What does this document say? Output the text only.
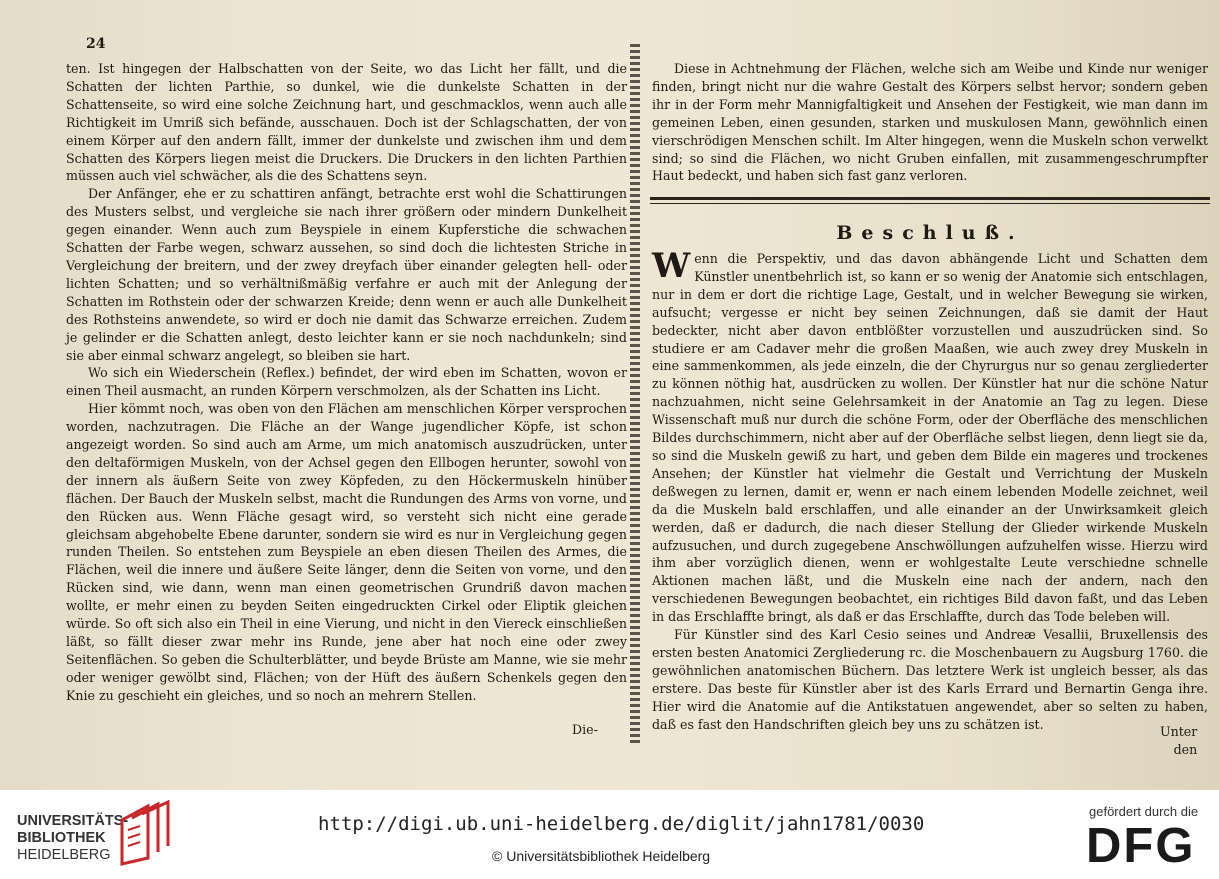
24

ten. Ist hingegen der Halbschatten von der Seite, wo das Licht her fällt, und die Schatten der lichten Parthie, so dunkel, wie die dunkelste Schatten in der Schattenseite, so wird eine solche Zeichnung hart, und geschmacklos, wenn auch alle Richtigkeit im Umriß sich befände, ausschauen. Doch ist der Schlagschatten, der von einem Körper auf den andern fällt, immer der dunkelste und zwischen ihm und dem Schatten des Körpers liegen meist die Druckers. Die Druckers in den lichten Parthien müssen auch viel schwächer, als die des Schattens seyn.

Der Anfänger, ehe er zu schattiren anfängt, betrachte erst wohl die Schattirungen des Musters selbst, und vergleiche sie nach ihrer größern oder mindern Dunkelheit gegen einander. Wenn auch zum Beyspiele in einem Kupferstiche die schwachen Schatten der Farbe wegen, schwarz aussehen, so sind doch die lichtesten Striche in Vergleichung der breitern, und der zwey dreyfach über einander gelegten hell- oder lichten Schatten; und so verhältnißmäßig verfahre er auch mit der Anlegung der Schatten im Rothstein oder der schwarzen Kreide; denn wenn er auch alle Dunkelheit des Rothsteins anwendete, so wird er doch nie damit das Schwarze erreichen. Zudem je gelinder er die Schatten anlegt, desto leichter kann er sie noch nachdunkeln; sind sie aber einmal schwarz angelegt, so bleiben sie hart.

Wo sich ein Wiederschein (Reflex.) befindet, der wird eben im Schatten, wovon er einen Theil ausmacht, an runden Körpern verschmolzen, als der Schatten ins Licht.

Hier kömmt noch, was oben von den Flächen am menschlichen Körper versprochen worden, nachzutragen. Die Fläche an der Wange jugendlicher Köpfe, ist schon angezeigt worden. So sind auch am Arme, um mich anatomisch auszudrücken, unter den deltaförmigen Muskeln, von der Achsel gegen den Ellbogen herunter, sowohl von der innern als äußern Seite von zwey Köpfeden, zu den Höckermuskeln hinüber flächen. Der Bauch der Muskeln selbst, macht die Rundungen des Arms von vorne, und den Rücken aus. Wenn Fläche gesagt wird, so versteht sich nicht eine gerade gleichsam abgehobelte Ebene darunter, sondern sie wird es nur in Vergleichung gegen runden Theilen. So entstehen zum Beyspiele an eben diesen Theilen des Armes, die Flächen, weil die innere und äußere Seite länger, denn die Seiten von vorne, und den Rücken sind, wie dann, wenn man einen geometrischen Grundriß davon machen wollte, er mehr einen zu beyden Seiten eingedruckten Cirkel oder Eliptik gleichen würde. So oft sich also ein Theil in eine Vierung, und nicht in den Viereck einschließen läßt, so fällt dieser zwar mehr ins Runde, jene aber hat noch eine oder zwey Seitenflächen. So geben die Schulterblätter, und beyde Brüste am Manne, wie sie mehr oder weniger gewölbt sind, Flächen; von der Hüft des äußern Schenkels gegen den Knie zu geschieht ein gleiches, und so noch an mehrern Stellen.

Die-

Diese in Achtnehmung der Flächen, welche sich am Weibe und Kinde nur weniger finden, bringt nicht nur die wahre Gestalt des Körpers selbst hervor; sondern geben ihr in der Form mehr Mannigfaltigkeit und Ansehen der Festigkeit, wie man dann im gemeinen Leben, einen gesunden, starken und muskulosen Mann, gewöhnlich einen vierschrödigen Menschen schilt. Im Alter hingegen, wenn die Muskeln schon verwelkt sind; so sind die Flächen, wo nicht Gruben einfallen, mit zusammengeschrumpfter Haut bedeckt, und haben sich fast ganz verloren.

Beschluß.

Wenn die Perspektiv, und das davon abhängende Licht und Schatten dem Künstler unentbehrlich ist, so kann er so wenig der Anatomie sich entschlagen, nur in dem er dort die richtige Lage, Gestalt, und in welcher Bewegung sie wirken, aufsucht; vergesse er nicht bey seinen Zeichnungen, daß sie damit der Haut bedeckter, nicht aber davon entblößter vorzustellen und auszudrücken sind. So studiere er am Cadaver mehr die großen Maaßen, wie auch zwey drey Muskeln in eine sammenkommen, als jede einzeln, die der Chyrurgus nur so genau zergliederter zu können nöthig hat, ausdrücken zu wollen. Der Künstler hat nur die schöne Natur nachzuahmen, nicht seine Gelehrsamkeit in der Anatomie an Tag zu legen. Diese Wissenschaft muß nur durch die schöne Form, oder der Oberfläche des menschlichen Bildes durchschimmern, nicht aber auf der Oberfläche selbst liegen, denn liegt sie da, so sind die Muskeln gewiß zu hart, und geben dem Bilde ein mageres und trockenes Ansehen; der Künstler hat vielmehr die Gestalt und Verrichtung der Muskeln deßwegen zu lernen, damit er, wenn er nach einem lebenden Modelle zeichnet, weil da die Muskeln bald erschlaffen, und alle einander an der Unwirksamkeit gleich werden, daß er dadurch, die nach dieser Stellung der Glieder wirkende Muskeln aufzusuchen, und durch zugegebene Anschwöllungen aufzuhelfen wisse. Hierzu wird ihm aber vorzüglich dienen, wenn er wohlgestalte Leute verschiedne schnelle Aktionen machen läßt, und die Muskeln eine nach der andern, nach den verschiedenen Bewegungen beobachtet, ein richtiges Bild davon faßt, und das Leben in das Erschlaffte bringt, als daß er das Erschlaffte, durch das Tode beleben will.

Für Künstler sind des Karl Cesio seines und Andreæ Vesallii, Bruxellensis des ersten besten Anatomici Zergliederung rc. die Moschenbauern zu Augsburg 1760. die gewöhnlichen anatomischen Büchern. Das letztere Werk ist ungleich besser, als das erstere. Das beste für Künstler aber ist des Karls Errard und Bernartin Genga ihre. Hier wird die Anatomie auf die Antikstatuen angewendet, aber so selten zu haben, daß es fast den Handschriften gleich bey uns zu schätzen ist.	Unter
den
UNIVERSITÄTS-
BIBLIOTHEK
HEIDELBERG
http://digi.ub.uni-heidelberg.de/diglit/jahn1781/0030
© Universitätsbibliothek Heidelberg
gefördert durch die
DFG
